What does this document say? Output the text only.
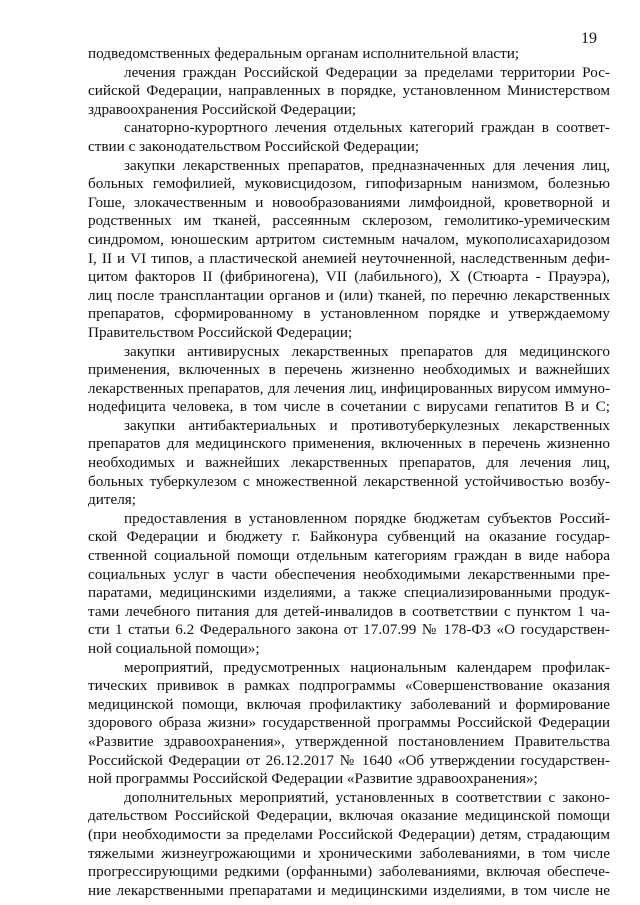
19
подведомственных федеральным органам исполнительной власти;
лечения граждан Российской Федерации за пределами территории Рос-
сийской Федерации, направленных в порядке, установленном Министерством
здравоохранения Российской Федерации;
санаторно-курортного лечения отдельных категорий граждан в соответ-
ствии с законодательством Российской Федерации;
закупки лекарственных препаратов, предназначенных для лечения лиц,
больных гемофилией, муковисцидозом, гипофизарным нанизмом, болезнью
Гоше, злокачественным и новообразованиями лимфоидной, кроветворной и
родственных им тканей, рассеянным склерозом, гемолитико-уремическим
синдромом, юношеским артритом системным началом, мукополисахаридозом
I, II и VI типов, а пластической анемией неуточненной, наследственным дефи-
цитом факторов II (фибриногена), VII (лабильного), X (Стюарта - Прауэра),
лиц после трансплантации органов и (или) тканей, по перечню лекарственных
препаратов, сформированному в установленном порядке и утверждаемому
Правительством Российской Федерации;
закупки антивирусных лекарственных препаратов для медицинского
применения, включенных в перечень жизненно необходимых и важнейших
лекарственных препаратов, для лечения лиц, инфицированных вирусом иммуно-
нодефицита человека, в том числе в сочетании с вирусами гепатитов B и C;
закупки антибактериальных и противотуберкулезных лекарственных
препаратов для медицинского применения, включенных в перечень жизненно
необходимых и важнейших лекарственных препаратов, для лечения лиц,
больных туберкулезом с множественной лекарственной устойчивостью возбу-
дителя;
предоставления в установленном порядке бюджетам субъектов Россий-
ской Федерации и бюджету г. Байконура субвенций на оказание государ-
ственной социальной помощи отдельным категориям граждан в виде набора
социальных услуг в части обеспечения необходимыми лекарственными пре-
паратами, медицинскими изделиями, а также специализированными продук-
тами лечебного питания для детей-инвалидов в соответствии с пунктом 1 ча-
сти 1 статьи 6.2 Федерального закона от 17.07.99 № 178-ФЗ «О государствен-
ной социальной помощи»;
мероприятий, предусмотренных национальным календарем профилак-
тических прививок в рамках подпрограммы «Совершенствование оказания
медицинской помощи, включая профилактику заболеваний и формирование
здорового образа жизни» государственной программы Российской Федерации
«Развитие здравоохранения», утвержденной постановлением Правительства
Российской Федерации от 26.12.2017 № 1640 «Об утверждении государствен-
ной программы Российской Федерации «Развитие здравоохранения»;
дополнительных мероприятий, установленных в соответствии с законо-
дательством Российской Федерации, включая оказание медицинской помощи
(при необходимости за пределами Российской Федерации) детям, страдающим
тяжелыми жизнеугрожающими и хроническими заболеваниями, в том числе
прогрессирующими редкими (орфанными) заболеваниями, включая обеспече-
ние лекарственными препаратами и медицинскими изделиями, в том числе не
